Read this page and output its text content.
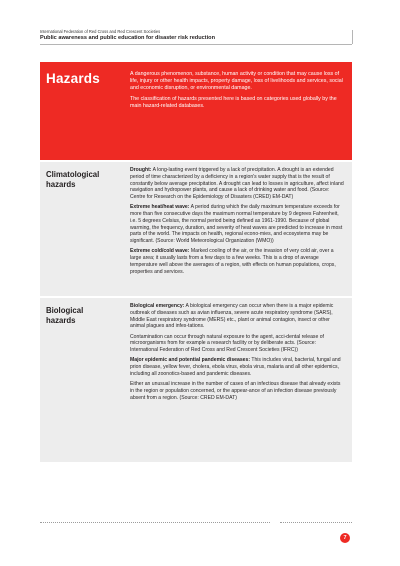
International Federation of Red Cross and Red Crescent Societies
Public awareness and public education for disaster risk reduction
Hazards	A dangerous phenomenon, substance, human activity or condition that may cause loss of life, injury or other health impacts, property damage, loss of livelihoods and services, social and economic disruption, or environmental damage.

The classification of hazards presented here is based on categories used globally by the main hazard-related databases.

Climatological
hazards

Drought: A long-lasting event triggered by a lack of precipitation. A drought is an extended period of time characterized by a deficiency in a region's water supply that is the result of constantly below average precipitation. A drought can lead to losses in agriculture, affect inland navigation and hydropower plants, and cause a lack of drinking water and food. (Source: Centre for Research on the Epidemiology of Disasters (CRED) EM-DAT)

Extreme heat/heat wave: A period during which the daily maximum temperature exceeds for more than five consecutive days the maximum normal temperature by 9 degrees Fahrenheit, i.e. 5 degrees Celsius, the normal period being defined as 1961-1990. Because of global warming, the frequency, duration, and severity of heat waves are predicted to increase in most parts of the world. The impacts on health, regional econo-mies, and ecosystems may be significant. (Source: World Meteorological Organization (WMO))

Extreme cold/cold wave: Marked cooling of the air, or the invasion of very cold air, over a large area; it usually lasts from a few days to a few weeks. This is a drop of average temperature well above the averages of a region, with effects on human populations, crops, properties and services.

Biological
hazards

Biological emergency: A biological emergency can occur when there is a major epidemic outbreak of diseases such as avian influenza, severe acute respiratory syndrome (SARS), Middle East respiratory syndrome (MERS) etc., plant or animal contagion, insect or other animal plagues and infes-tations.

Contamination can occur through natural exposure to the agent, acci-dental release of microorganisms from for example a research facility or by deliberate acts. (Source: International Federation of Red Cross and Red Crescent Societies (IFRC))

Major epidemic and potential pandemic diseases: This includes viral, bacterial, fungal and prion disease, yellow fever, cholera, ebola virus, ebola virus, malaria and all other epidemics, including all zoonotics-based and pandemic diseases.

Either an unusual increase in the number of cases of an infectious disease that already exists in the region or population concerned, or the appear-ance of an infection disease previously absent from a region. (Source: CRED EM-DAT)

7
